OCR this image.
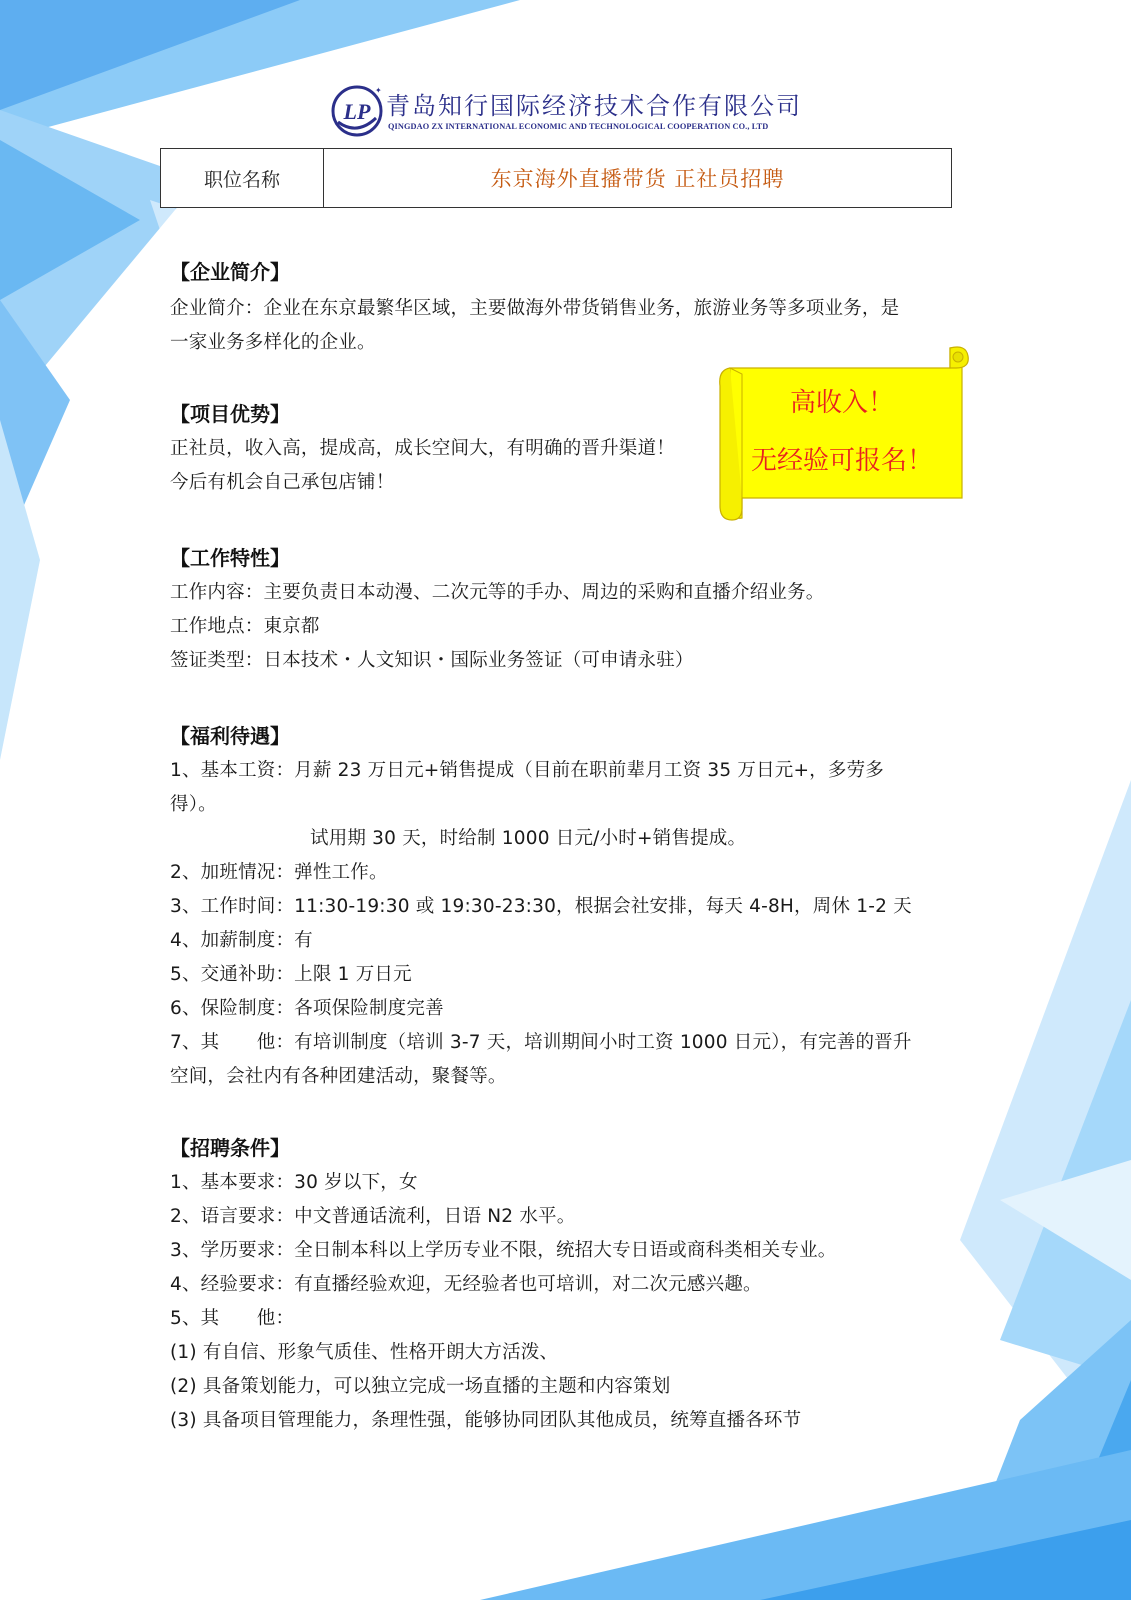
LP
✦
青岛知行国际经济技术合作有限公司
QINGDAO ZX INTERNATIONAL ECONOMIC AND TECHNOLOGICAL COOPERATION CO., LTD
职位名称	东京海外直播带货 正社员招聘
【企业简介】
企业简介：企业在东京最繁华区域，主要做海外带货销售业务，旅游业务等多项业务，是
一家业务多样化的企业。
【项目优势】
正社员，收入高，提成高，成长空间大，有明确的晋升渠道！
今后有机会自己承包店铺！
高收入！
无经验可报名！
【工作特性】
工作内容：主要负责日本动漫、二次元等的手办、周边的采购和直播介绍业务。
工作地点：東京都
签证类型：日本技术・人文知识・国际业务签证（可申请永驻）
【福利待遇】
1、基本工资：月薪 23 万日元+销售提成（目前在职前辈月工资 35 万日元+，多劳多
得）。
试用期 30 天，时给制 1000 日元/小时+销售提成。
2、加班情况：弹性工作。
3、工作时间：11:30-19:30 或 19:30-23:30，根据会社安排，每天 4-8H，周休 1-2 天
4、加薪制度：有
5、交通补助：上限 1 万日元
6、保险制度：各项保险制度完善
7、其　　他：有培训制度（培训 3-7 天，培训期间小时工资 1000 日元），有完善的晋升
空间，会社内有各种团建活动，聚餐等。
【招聘条件】
1、基本要求：30 岁以下，女
2、语言要求：中文普通话流利，日语 N2 水平。
3、学历要求：全日制本科以上学历专业不限，统招大专日语或商科类相关专业。
4、经验要求：有直播经验欢迎，无经验者也可培训，对二次元感兴趣。
5、其　　他：
(1) 有自信、形象气质佳、性格开朗大方活泼、
(2) 具备策划能力，可以独立完成一场直播的主题和内容策划
(3) 具备项目管理能力，条理性强，能够协同团队其他成员，统筹直播各环节
